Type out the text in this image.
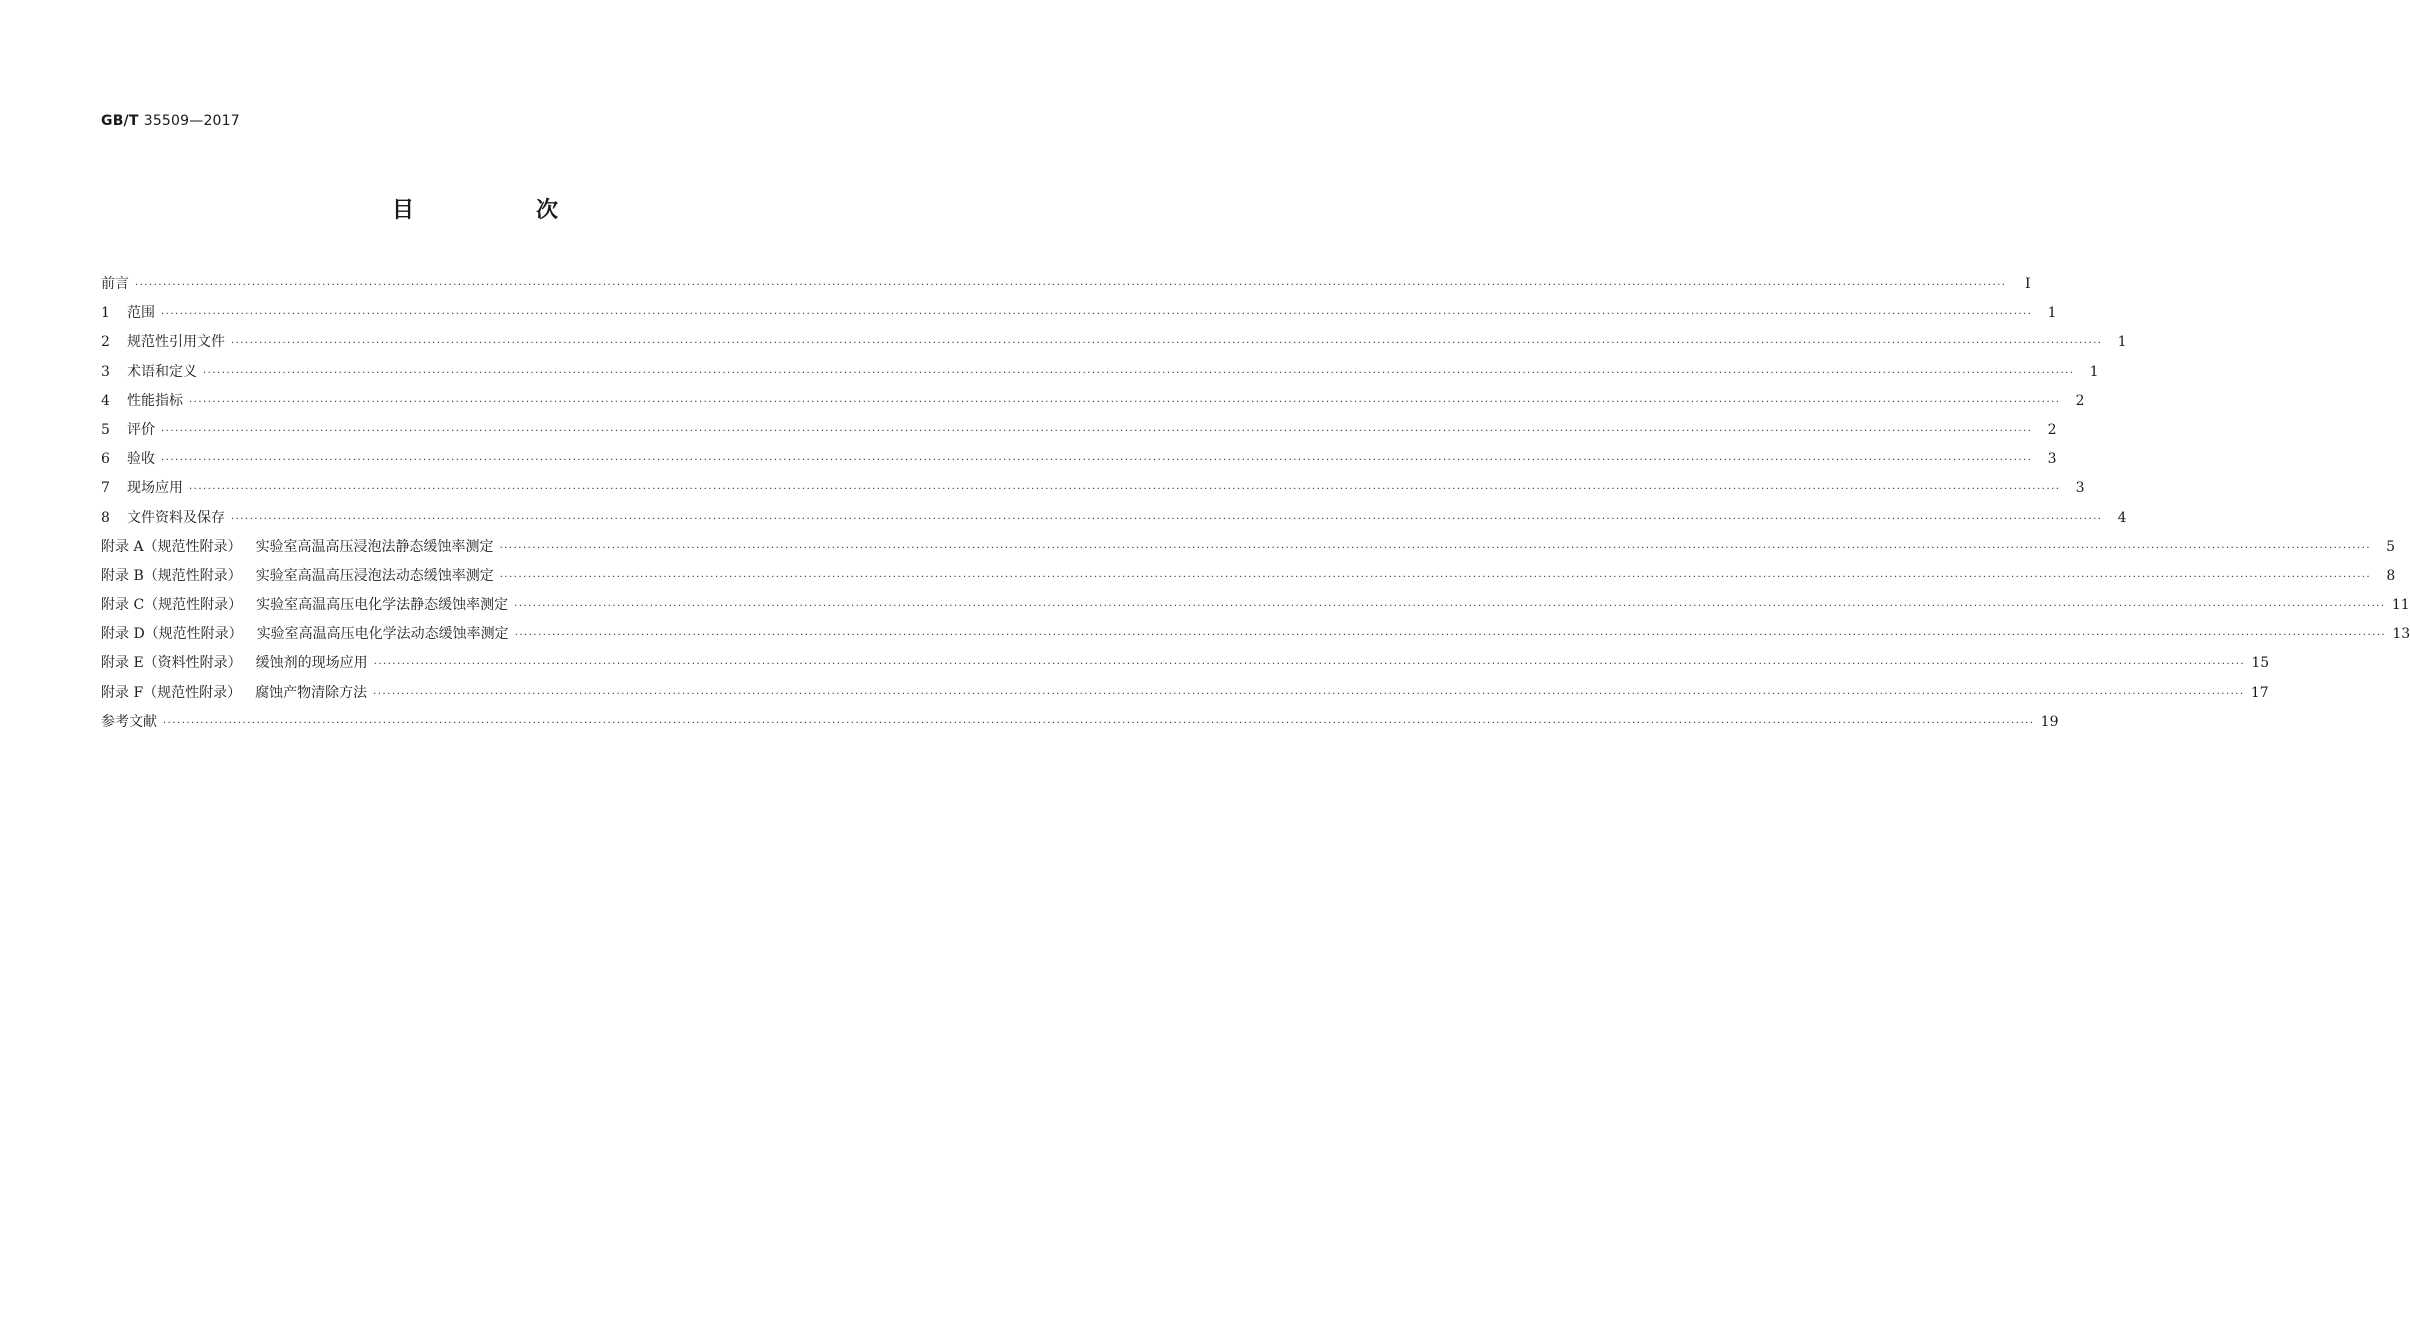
GB/T 35509—2017
目　次
前言 ················································································································································································································································································································································································································	Ⅰ
1 范围 ················································································································································································································································································································································································································	1
2 规范性引用文件 ················································································································································································································································································································································································································	1
3 术语和定义 ················································································································································································································································································································································································································	1
4 性能指标 ················································································································································································································································································································································································································	2
5 评价 ················································································································································································································································································································································································································	2
6 验收 ················································································································································································································································································································································································································	3
7 现场应用 ················································································································································································································································································································································································································	3
8 文件资料及保存 ················································································································································································································································································································································································································	4
附录 A（规范性附录） 实验室高温高压浸泡法静态缓蚀率测定 ················································································································································································································································································································································································································	5
附录 B（规范性附录） 实验室高温高压浸泡法动态缓蚀率测定 ················································································································································································································································································································································································································	8
附录 C（规范性附录） 实验室高温高压电化学法静态缓蚀率测定 ················································································································································································································································································································································································································ 11
附录 D（规范性附录） 实验室高温高压电化学法动态缓蚀率测定 ················································································································································································································································································································································································································ 13
附录 E（资料性附录） 缓蚀剂的现场应用 ················································································································································································································································································································································································································ 15
附录 F（规范性附录） 腐蚀产物清除方法 ················································································································································································································································································································································································································ 17
参考文献 ················································································································································································································································································································································································································ 19
